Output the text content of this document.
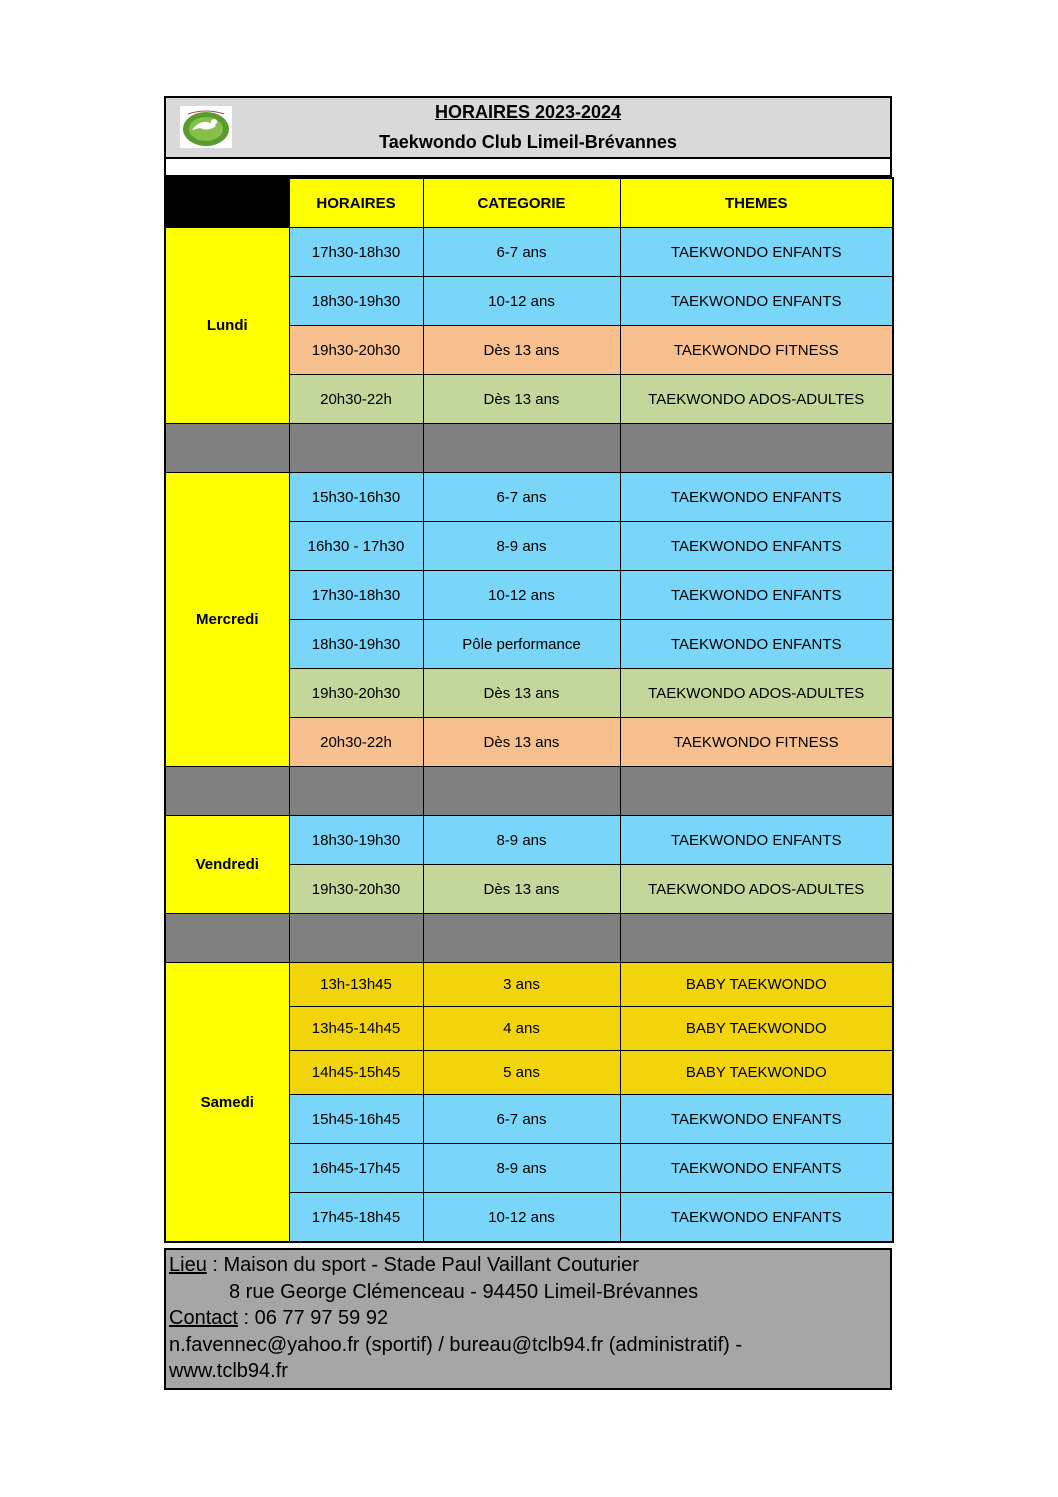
HORAIRES 2023-2024
Taekwondo Club Limeil-Brévannes
	HORAIRES	CATEGORIE	THEMES
Lundi	17h30-18h30	6-7 ans	TAEKWONDO ENFANTS
	18h30-19h30	10-12 ans	TAEKWONDO ENFANTS
	19h30-20h30	Dès 13 ans	TAEKWONDO FITNESS
	20h30-22h	Dès 13 ans	TAEKWONDO ADOS-ADULTES

Mercredi	15h30-16h30	6-7 ans	TAEKWONDO ENFANTS
	16h30 - 17h30	8-9 ans	TAEKWONDO ENFANTS
	17h30-18h30	10-12 ans	TAEKWONDO ENFANTS
	18h30-19h30	Pôle performance	TAEKWONDO ENFANTS
	19h30-20h30	Dès 13 ans	TAEKWONDO ADOS-ADULTES
	20h30-22h	Dès 13 ans	TAEKWONDO FITNESS

Vendredi	18h30-19h30	8-9 ans	TAEKWONDO ENFANTS
	19h30-20h30	Dès 13 ans	TAEKWONDO ADOS-ADULTES

Samedi	13h-13h45	3 ans	BABY TAEKWONDO
	13h45-14h45	4 ans	BABY TAEKWONDO
	14h45-15h45	5 ans	BABY TAEKWONDO
	15h45-16h45	6-7 ans	TAEKWONDO ENFANTS
	16h45-17h45	8-9 ans	TAEKWONDO ENFANTS
	17h45-18h45	10-12 ans	TAEKWONDO ENFANTS
Lieu : Maison du sport - Stade Paul Vaillant Couturier
8 rue George Clémenceau - 94450 Limeil-Brévannes
Contact : 06 77 97 59 92
n.favennec@yahoo.fr (sportif) / bureau@tclb94.fr (administratif) -
www.tclb94.fr
